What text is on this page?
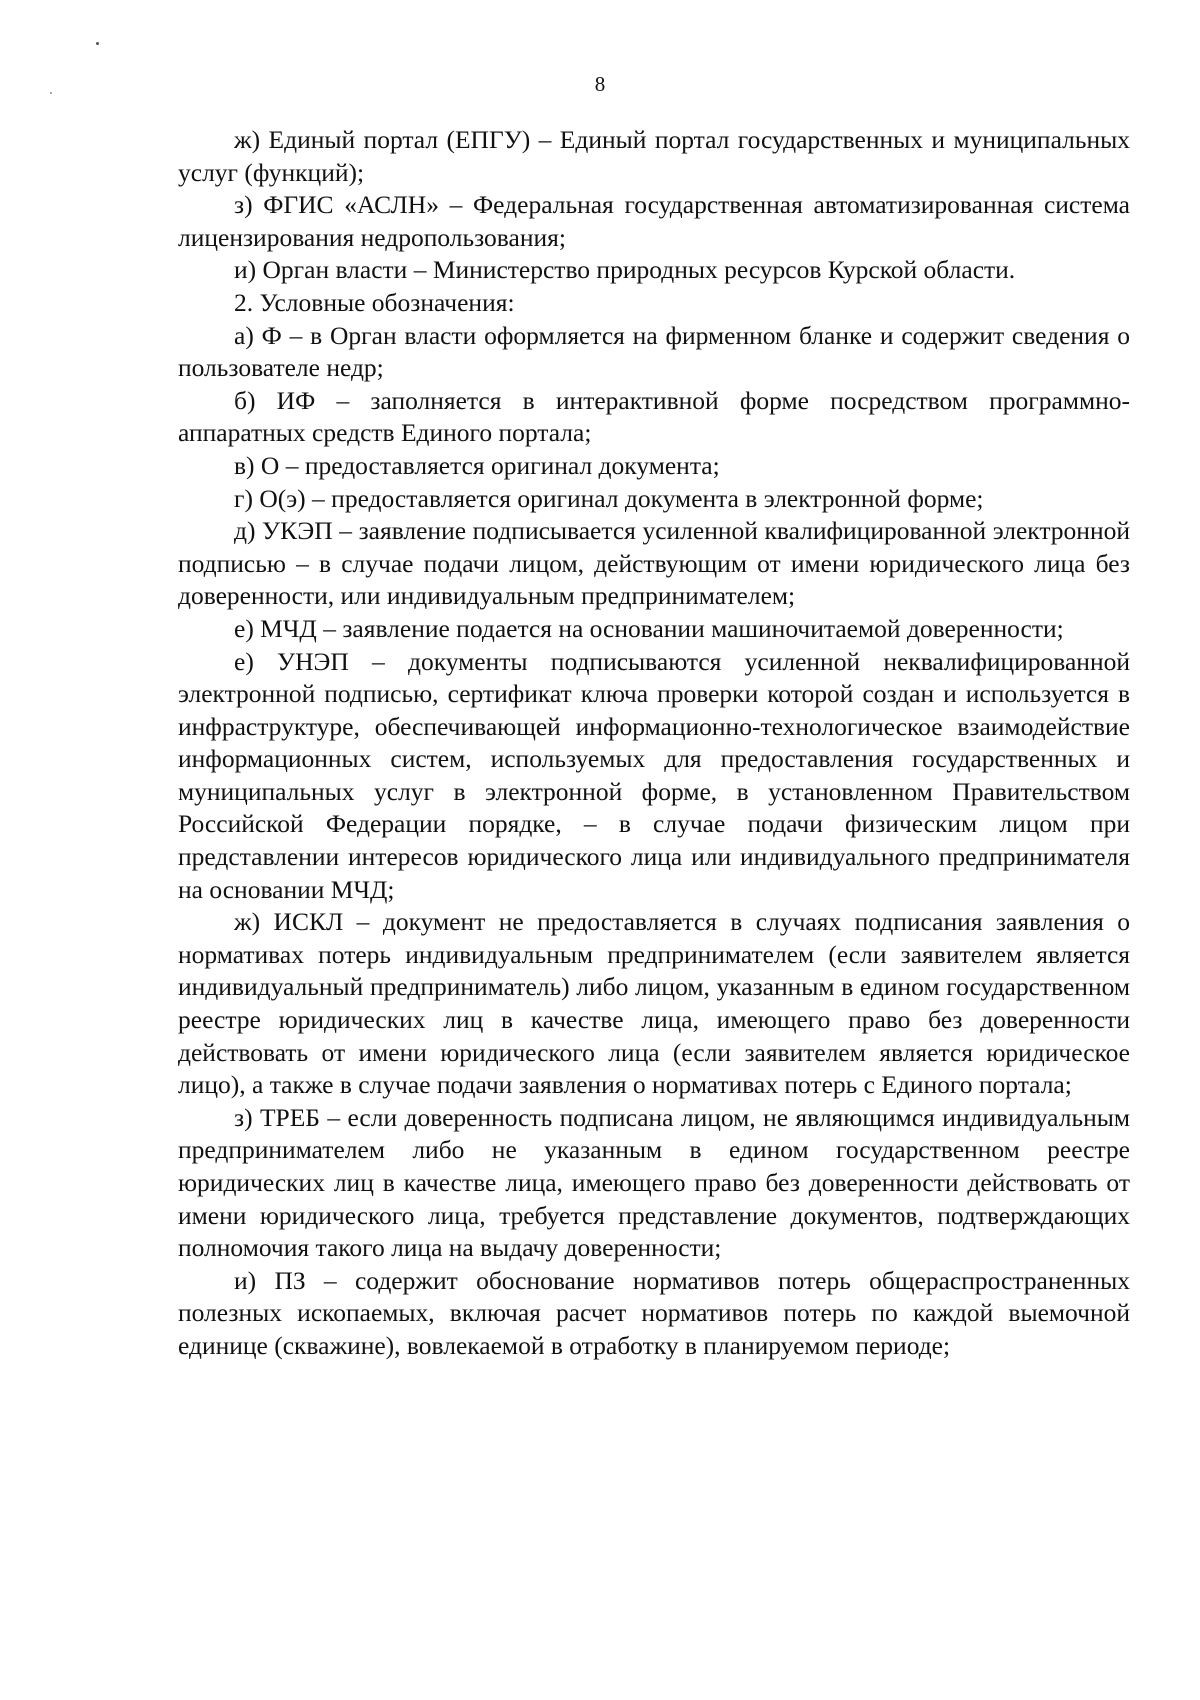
8

ж) Единый портал (ЕПГУ) – Единый портал государственных и муниципальных услуг (функций);

з) ФГИС «АСЛН» – Федеральная государственная автоматизированная система лицензирования недропользования;

и) Орган власти – Министерство природных ресурсов Курской области.

2. Условные обозначения:

а) Ф – в Орган власти оформляется на фирменном бланке и содержит сведения о пользователе недр;

б) ИФ – заполняется в интерактивной форме посредством программно-аппаратных средств Единого портала;

в) О – предоставляется оригинал документа;

г) О(э) – предоставляется оригинал документа в электронной форме;

д) УКЭП – заявление подписывается усиленной квалифицированной электронной подписью – в случае подачи лицом, действующим от имени юридического лица без доверенности, или индивидуальным предпринимателем;

е) МЧД – заявление подается на основании машиночитаемой доверенности;

е) УНЭП – документы подписываются усиленной неквалифицированной электронной подписью, сертификат ключа проверки которой создан и используется в инфраструктуре, обеспечивающей информационно-технологическое взаимодействие информационных систем, используемых для предоставления государственных и муниципальных услуг в электронной форме, в установленном Правительством Российской Федерации порядке, – в случае подачи физическим лицом при представлении интересов юридического лица или индивидуального предпринимателя на основании МЧД;

ж) ИСКЛ – документ не предоставляется в случаях подписания заявления о нормативах потерь индивидуальным предпринимателем (если заявителем является индивидуальный предприниматель) либо лицом, указанным в едином государственном реестре юридических лиц в качестве лица, имеющего право без доверенности действовать от имени юридического лица (если заявителем является юридическое лицо), а также в случае подачи заявления о нормативах потерь с Единого портала;

з) ТРЕБ – если доверенность подписана лицом, не являющимся индивидуальным предпринимателем либо не указанным в едином государственном реестре юридических лиц в качестве лица, имеющего право без доверенности действовать от имени юридического лица, требуется представление документов, подтверждающих полномочия такого лица на выдачу доверенности;

и) ПЗ – содержит обоснование нормативов потерь общераспространенных полезных ископаемых, включая расчет нормативов потерь по каждой выемочной единице (скважине), вовлекаемой в отработку в планируемом периоде;
